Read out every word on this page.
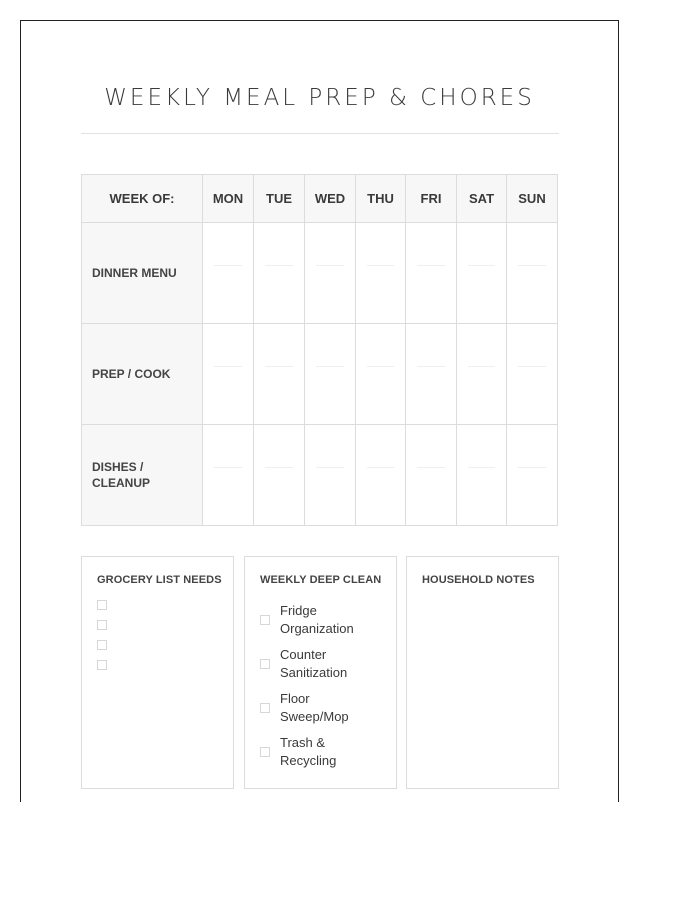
WEEKLY MEAL PREP & CHORES
WEEK OF:	MON	TUE	WED	THU	FRI	SAT	SUN
DINNER MENU	

PREP / COOK	

DISHES / CLEANUP	

GROCERY LIST NEEDS	WEEKLY DEEP CLEAN
Fridge Organization
Counter Sanitization
Floor Sweep/Mop
Trash & Recycling
HOUSEHOLD NOTES
